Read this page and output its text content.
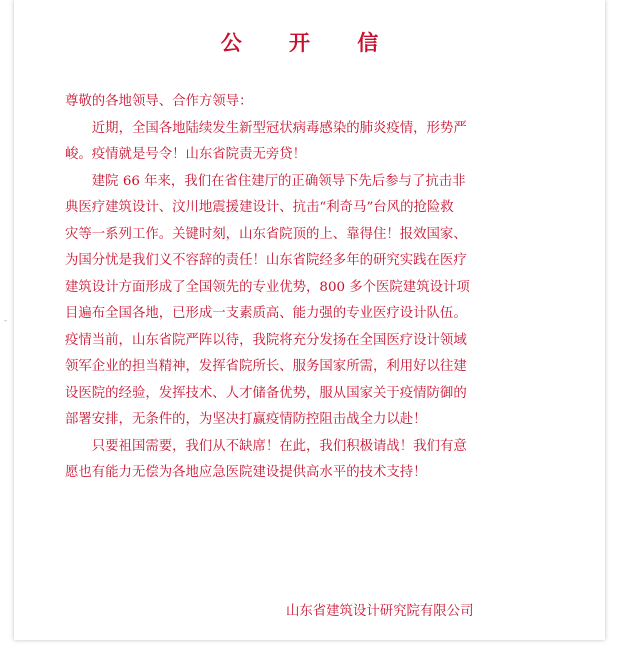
-
公 开 信

尊敬的各地领导、合作方领导：

近期，全国各地陆续发生新型冠状病毒感染的肺炎疫情，形势严
峻。疫情就是号令！山东省院责无旁贷！

建院 66 年来，我们在省住建厅的正确领导下先后参与了抗击非
典医疗建筑设计、汶川地震援建设计、抗击“利奇马”台风的抢险救
灾等一系列工作。关键时刻，山东省院顶的上、靠得住！报效国家、
为国分忧是我们义不容辞的责任！山东省院经多年的研究实践在医疗
建筑设计方面形成了全国领先的专业优势，800 多个医院建筑设计项
目遍布全国各地，已形成一支素质高、能力强的专业医疗设计队伍。
疫情当前，山东省院严阵以待，我院将充分发扬在全国医疗设计领域
领军企业的担当精神，发挥省院所长、服务国家所需，利用好以往建
设医院的经验，发挥技术、人才储备优势，服从国家关于疫情防御的
部署安排，无条件的，为坚决打赢疫情防控阻击战全力以赴！

只要祖国需要，我们从不缺席！在此，我们积极请战！我们有意
愿也有能力无偿为各地应急医院建设提供高水平的技术支持！

山东省建筑设计研究院有限公司
